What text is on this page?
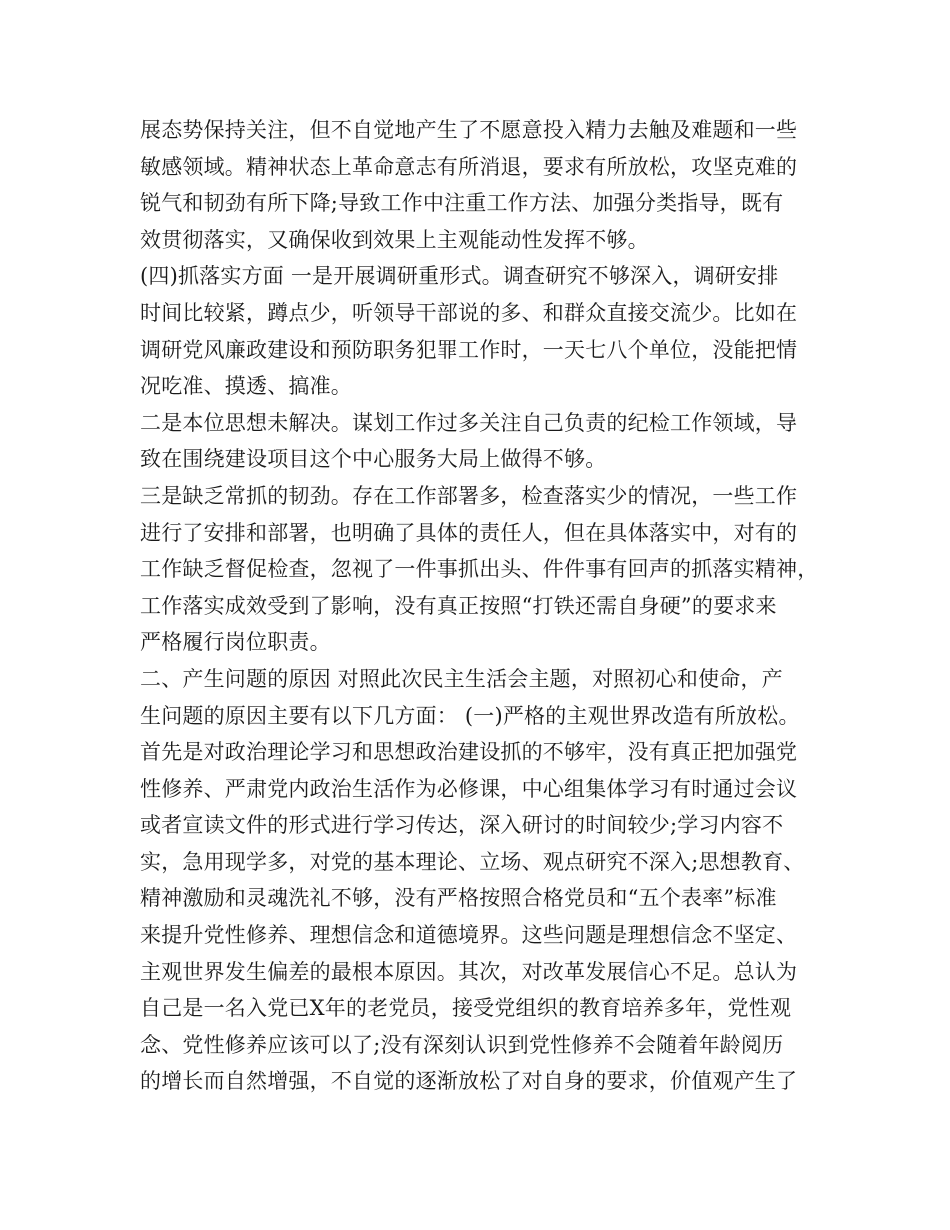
展态势保持关注，但不自觉地产生了不愿意投入精力去触及难题和一些
敏感领域。精神状态上革命意志有所消退，要求有所放松，攻坚克难的
锐气和韧劲有所下降;导致工作中注重工作方法、加强分类指导，既有
效贯彻落实，又确保收到效果上主观能动性发挥不够。
(四)抓落实方面 一是开展调研重形式。调查研究不够深入，调研安排
时间比较紧，蹲点少，听领导干部说的多、和群众直接交流少。比如在
调研党风廉政建设和预防职务犯罪工作时，一天七八个单位，没能把情
况吃准、摸透、搞准。
二是本位思想未解决。谋划工作过多关注自己负责的纪检工作领域，导
致在围绕建设项目这个中心服务大局上做得不够。
三是缺乏常抓的韧劲。存在工作部署多，检查落实少的情况，一些工作
进行了安排和部署，也明确了具体的责任人，但在具体落实中，对有的
工作缺乏督促检查，忽视了一件事抓出头、件件事有回声的抓落实精神，
工作落实成效受到了影响，没有真正按照“打铁还需自身硬”的要求来
严格履行岗位职责。
二、产生问题的原因 对照此次民主生活会主题，对照初心和使命，产
生问题的原因主要有以下几方面： (一)严格的主观世界改造有所放松。
首先是对政治理论学习和思想政治建设抓的不够牢，没有真正把加强党
性修养、严肃党内政治生活作为必修课，中心组集体学习有时通过会议
或者宣读文件的形式进行学习传达，深入研讨的时间较少;学习内容不
实，急用现学多，对党的基本理论、立场、观点研究不深入;思想教育、
精神激励和灵魂洗礼不够，没有严格按照合格党员和“五个表率”标准
来提升党性修养、理想信念和道德境界。这些问题是理想信念不坚定、
主观世界发生偏差的最根本原因。其次，对改革发展信心不足。总认为
自己是一名入党已X年的老党员，接受党组织的教育培养多年，党性观
念、党性修养应该可以了;没有深刻认识到党性修养不会随着年龄阅历
的增长而自然增强，不自觉的逐渐放松了对自身的要求，价值观产生了
